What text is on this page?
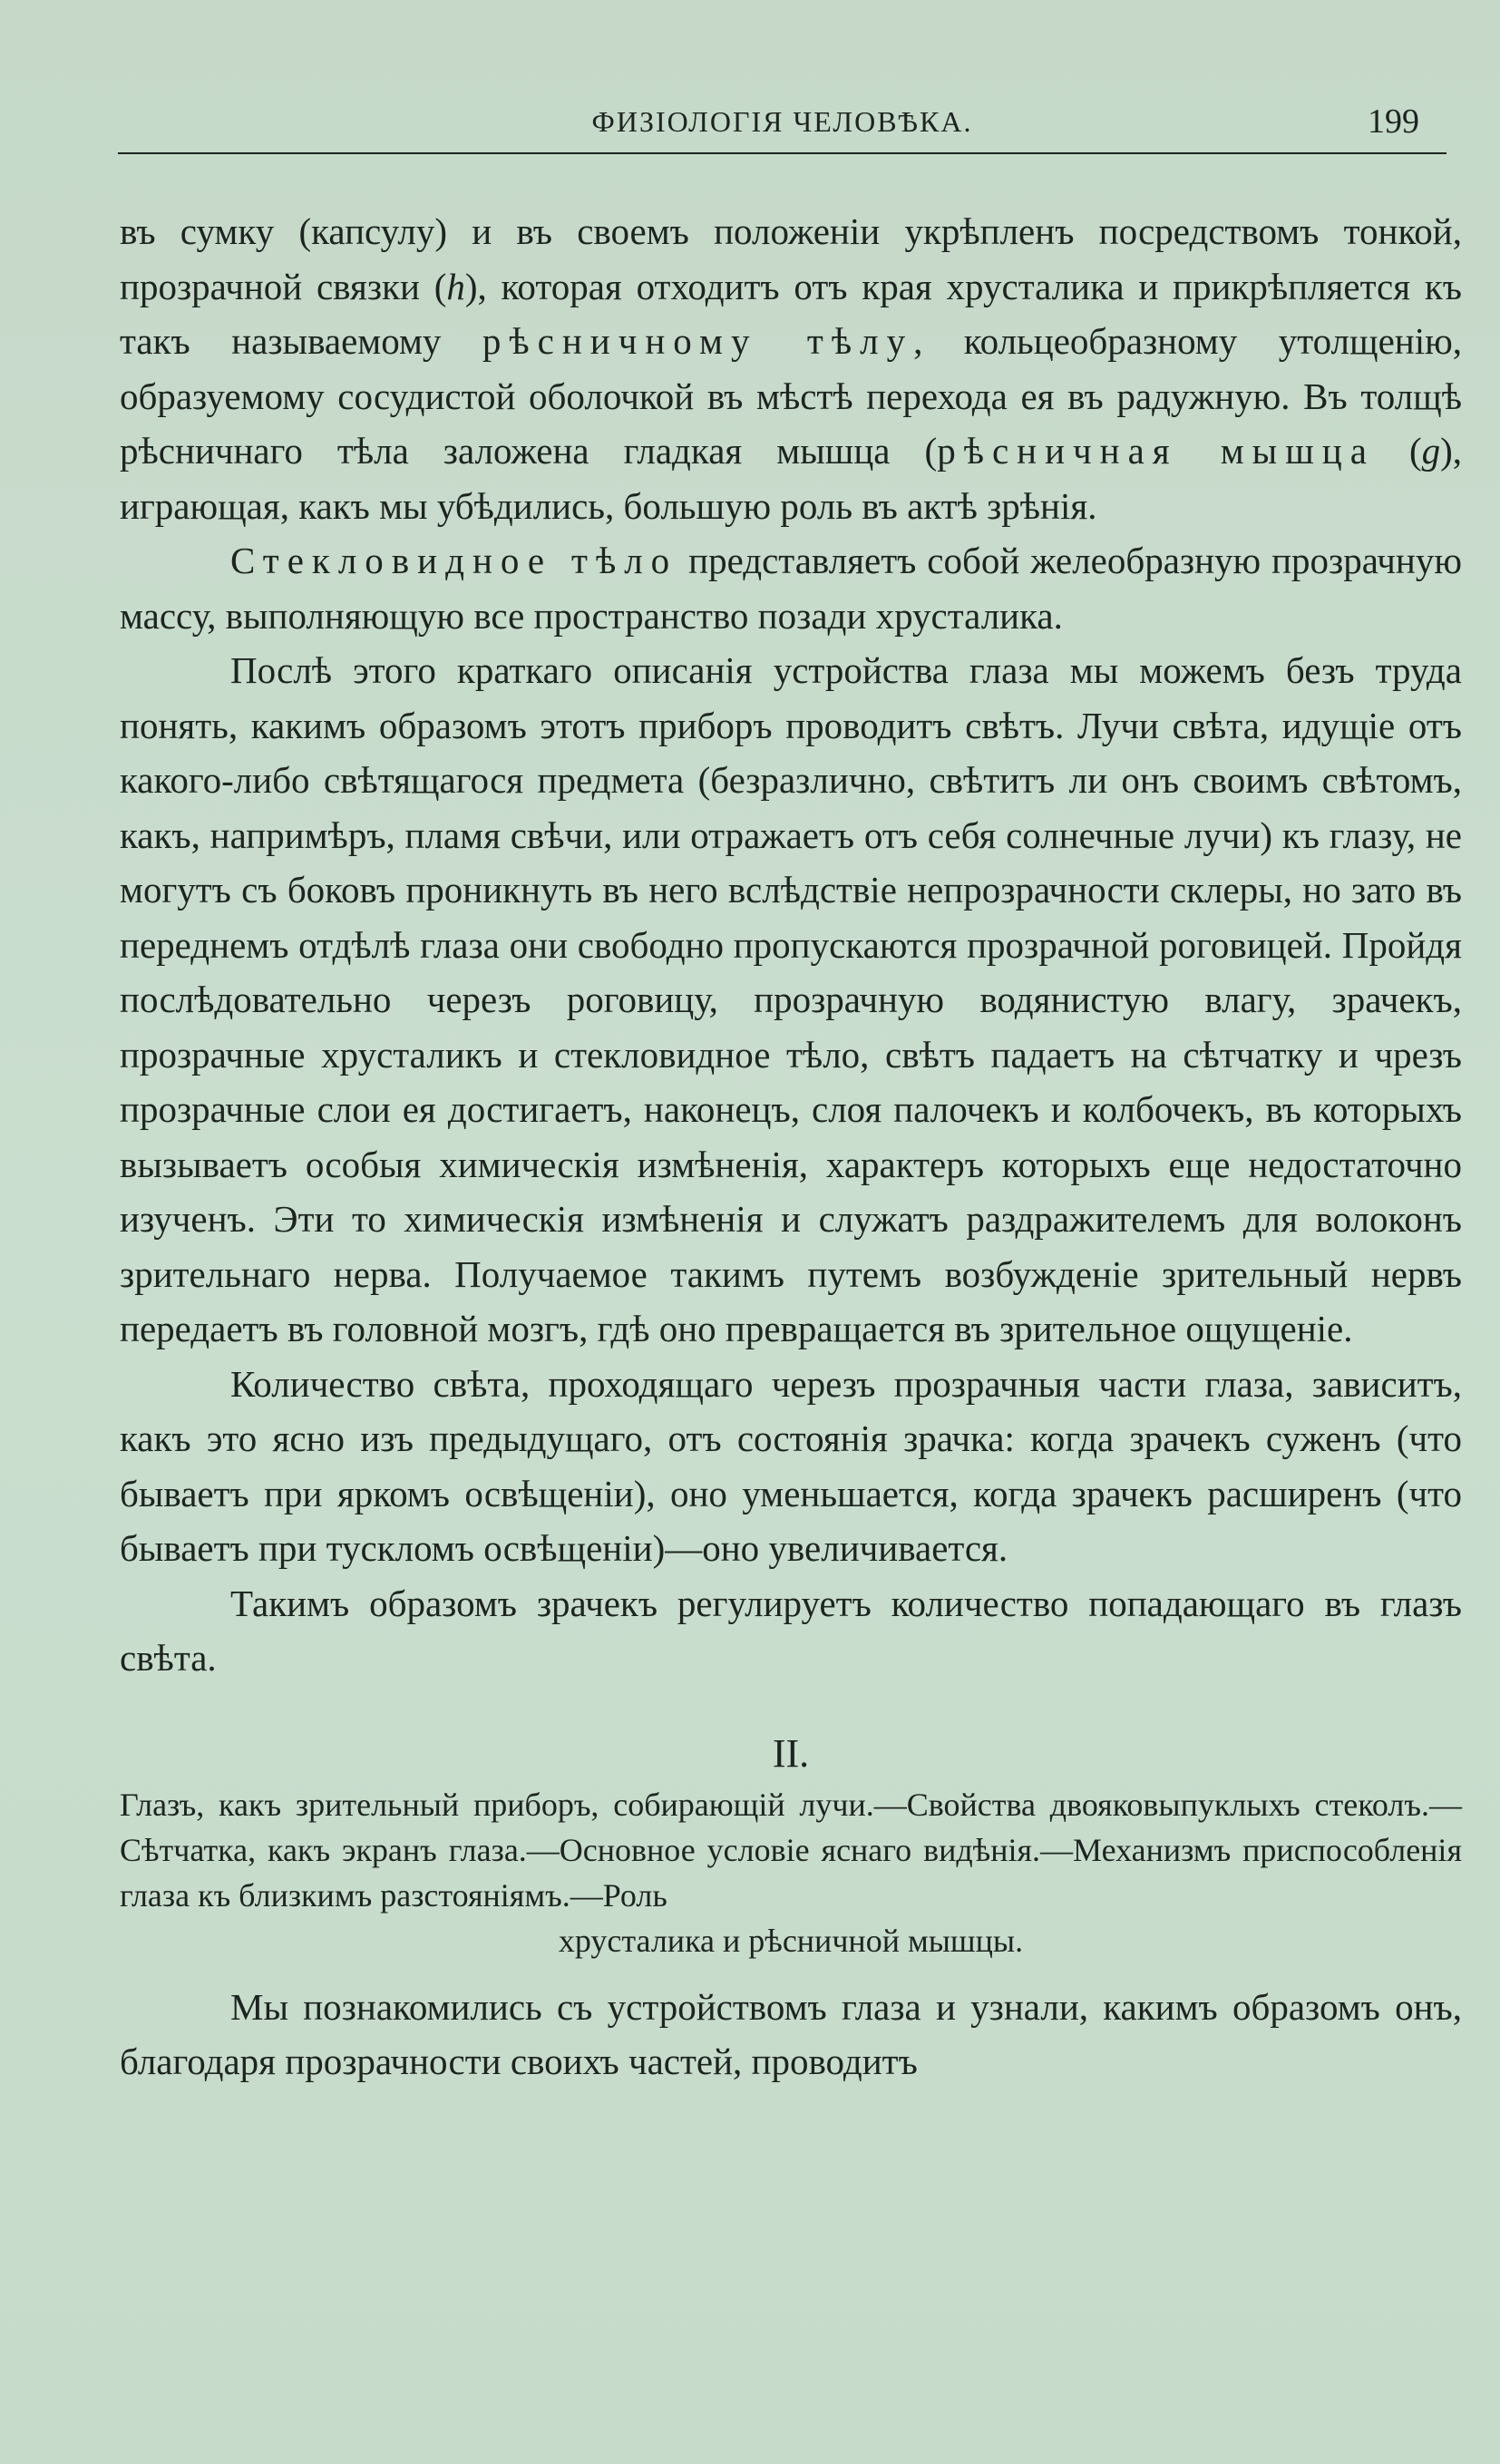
ФИЗІОЛОГІЯ ЧЕЛОВѢКА.	199

въ сумку (капсулу) и въ своемъ положеніи укрѣпленъ посредствомъ тонкой, прозрачной связки (h), которая отходитъ отъ края хрусталика и прикрѣпляется къ такъ называемому рѣсничному тѣлу, кольцеобразному утолщенію, образуемому сосудистой оболочкой въ мѣстѣ перехода ея въ радужную. Въ толщѣ рѣсничнаго тѣла заложена гладкая мышца (рѣсничная мышца (g), играющая, какъ мы убѣдились, большую роль въ актѣ зрѣнія.

Стекловидное тѣло представляетъ собой желеобразную прозрачную массу, выполняющую все пространство позади хрусталика.

Послѣ этого краткаго описанія устройства глаза мы можемъ безъ труда понять, какимъ образомъ этотъ приборъ проводитъ свѣтъ. Лучи свѣта, идущіе отъ какого-либо свѣтящагося предмета (безразлично, свѣтитъ ли онъ своимъ свѣтомъ, какъ, напримѣръ, пламя свѣчи, или отражаетъ отъ себя солнечные лучи) къ глазу, не могутъ съ боковъ проникнуть въ него вслѣдствіе непрозрачности склеры, но зато въ переднемъ отдѣлѣ глаза они свободно пропускаются прозрачной роговицей. Пройдя послѣдовательно черезъ роговицу, прозрачную водянистую влагу, зрачекъ, прозрачные хрусталикъ и стекловидное тѣло, свѣтъ падаетъ на сѣтчатку и чрезъ прозрачные слои ея достигаетъ, наконецъ, слоя палочекъ и колбочекъ, въ которыхъ вызываетъ особыя химическія измѣненія, характеръ которыхъ еще недостаточно изученъ. Эти то химическія измѣненія и служатъ раздражителемъ для волоконъ зрительнаго нерва. Получаемое такимъ путемъ возбужденіе зрительный нервъ передаетъ въ головной мозгъ, гдѣ оно превращается въ зрительное ощущеніе.

Количество свѣта, проходящаго черезъ прозрачныя части глаза, зависитъ, какъ это ясно изъ предыдущаго, отъ состоянія зрачка: когда зрачекъ суженъ (что бываетъ при яркомъ освѣщеніи), оно уменьшается, когда зрачекъ расширенъ (что бываетъ при тускломъ освѣщеніи)—оно увеличивается.

Такимъ образомъ зрачекъ регулируетъ количество попадающаго въ глазъ свѣта.

II.

Глазъ, какъ зрительный приборъ, собирающій лучи.—Свойства двояковыпуклыхъ стеколъ.—Сѣтчатка, какъ экранъ глаза.—Основное условіе яснаго видѣнія.—Механизмъ приспособленія глаза къ близкимъ разстояніямъ.—Роль

хрусталика и рѣсничной мышцы.

Мы познакомились съ устройствомъ глаза и узнали, какимъ образомъ онъ, благодаря прозрачности своихъ частей, проводитъ
